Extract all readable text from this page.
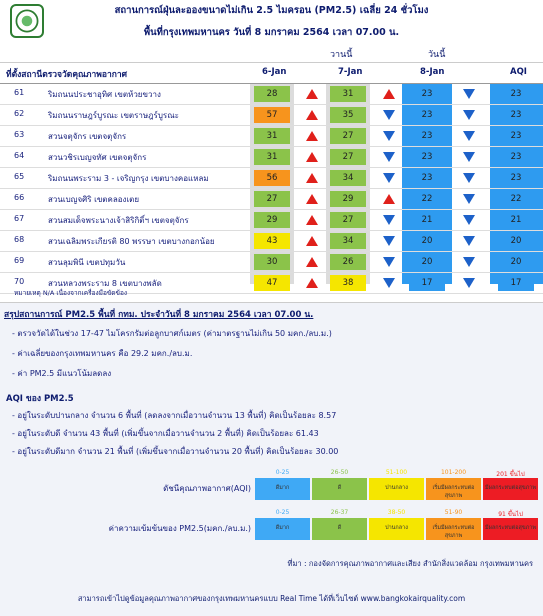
สถานการณ์ฝุ่นละอองขนาดไม่เกิน 2.5 ไมครอน (PM2.5) เฉลี่ย 24 ชั่วโมง
พื้นที่กรุงเทพมหานคร วันที่ 8 มกราคม 2564 เวลา 07.00 น.
วานนี้	วันนี้
ที่ตั้งสถานีตรวจวัดคุณภาพอากาศ	6-Jan	7-Jan	8-Jan	AQI
61	ริมถนนประชาอุทิศ เขตห้วยขวาง	28	31	23	23
62	ริมถนนราษฎร์บูรณะ เขตราษฎร์บูรณะ	57	35	23	23
63	สวนจตุจักร เขตจตุจักร	31	27	23	23
64	สวนวชิรเบญจทัศ เขตจตุจักร	31	27	23	23
65	ริมถนนพระราม 3 - เจริญกรุง เขตบางคอแหลม	56	34	23	23
66	สวนเบญจศิริ เขตคลองเตย	27	29	22	22
67	สวนสมเด็จพระนางเจ้าสิริกิติ์ฯ เขตจตุจักร	29	27	21	21
68	สวนเฉลิมพระเกียรติ 80 พรรษา เขตบางกอกน้อย	43	34	20	20
69	สวนลุมพินี เขตปทุมวัน	30	26	20	20
70	สวนหลวงพระราม 8 เขตบางพลัด	47	38	17	17
หมายเหตุ N/A เนื่องจากเครื่องมือขัดข้อง
สรุปสถานการณ์ PM2.5 พื้นที่ กทม. ประจำวันที่ 8 มกราคม 2564 เวลา 07.00 น.
- ตรวจวัดได้ในช่วง 17-47 ไมโครกรัมต่อลูกบาศก์เมตร (ค่ามาตรฐานไม่เกิน 50 มคก./ลบ.ม.)
- ค่าเฉลี่ยของกรุงเทพมหานคร คือ 29.2 มคก./ลบ.ม.
- ค่า PM2.5 มีแนวโน้มลดลง
AQI ของ PM2.5
- อยู่ในระดับปานกลาง จำนวน 6 พื้นที่ (ลดลงจากเมื่อวานจำนวน 13 พื้นที่) คิดเป็นร้อยละ 8.57
- อยู่ในระดับดี จำนวน 43 พื้นที่ (เพิ่มขึ้นจากเมื่อวานจำนวน 2 พื้นที่) คิดเป็นร้อยละ 61.43
- อยู่ในระดับดีมาก จำนวน 21 พื้นที่ (เพิ่มขึ้นจากเมื่อวานจำนวน 20 พื้นที่) คิดเป็นร้อยละ 30.00
ดัชนีคุณภาพอากาศ(AQI)
0-25
ดีมาก
26-50
ดี
51-100
ปานกลาง
101-200
เริ่มมีผลกระทบต่อสุขภาพ
201 ขึ้นไป
มีผลกระทบต่อสุขภาพ
ค่าความเข้มข้นของ PM2.5(มคก./ลบ.ม.)
0-25
ดีมาก
26-37
ดี
38-50
ปานกลาง
51-90
เริ่มมีผลกระทบต่อสุขภาพ
91 ขึ้นไป
มีผลกระทบต่อสุขภาพ
ที่มา : กองจัดการคุณภาพอากาศและเสียง สำนักสิ่งแวดล้อม กรุงเทพมหานคร
สามารถเข้าไปดูข้อมูลคุณภาพอากาศของกรุงเทพมหานครแบบ Real Time ได้ที่เว็บไซต์ www.bangkokairquality.com
